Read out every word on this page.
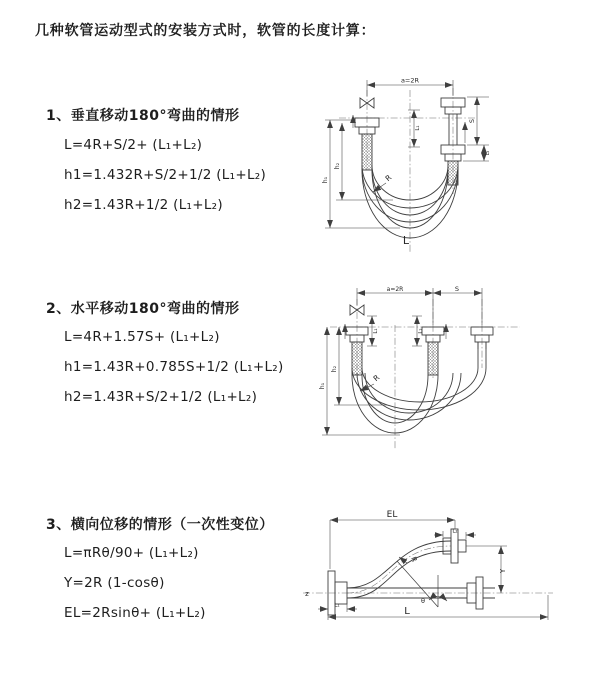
几种软管运动型式的安装方式时，软管的长度计算：
1、垂直移动180°弯曲的情形
L=4R+S/2+ (L₁+L₂)
h1=1.432R+S/2+1/2 (L₁+L₂)
h2=1.43R+1/2 (L₁+L₂)
2、水平移动180°弯曲的情形
L=4R+1.57S+ (L₁+L₂)
h1=1.43R+0.785S+1/2 (L₁+L₂)
h2=1.43R+S/2+1/2 (L₁+L₂)
3、横向位移的情形（一次性变位）
L=πRθ/90+ (L₁+L₂)
Y=2R (1-cosθ)
EL=2Rsinθ+ (L₁+L₂)
a=2R
L₁
S
L₂
h₁
h₂
R
L
a=2R	S
L₁	L₂
h₁
h₂
R
EL
L₂
Y
R
θ
L₁
L
z
